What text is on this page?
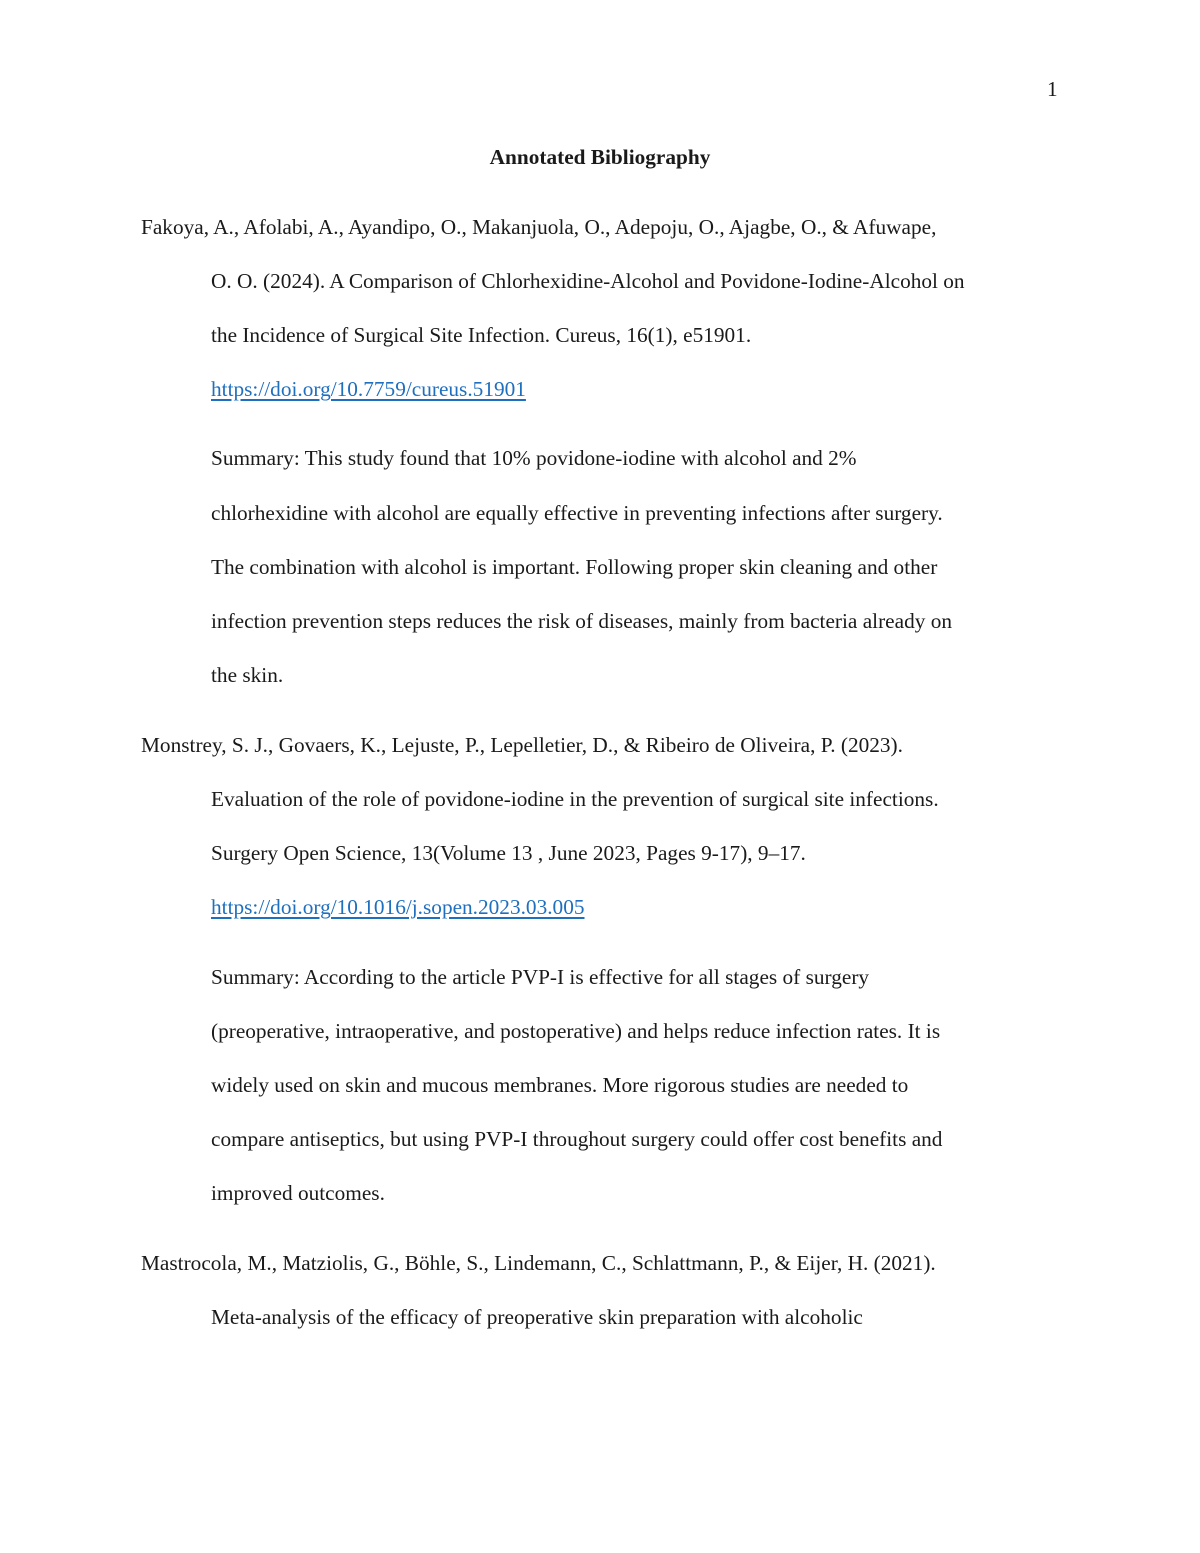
1
Annotated Bibliography
Fakoya, A., Afolabi, A., Ayandipo, O., Makanjuola, O., Adepoju, O., Ajagbe, O., & Afuwape,
O. O. (2024). A Comparison of Chlorhexidine-Alcohol and Povidone-Iodine-Alcohol on
the Incidence of Surgical Site Infection. Cureus, 16(1), e51901.
https://doi.org/10.7759/cureus.51901
Summary: This study found that 10% povidone-iodine with alcohol and 2%
chlorhexidine with alcohol are equally effective in preventing infections after surgery.
The combination with alcohol is important. Following proper skin cleaning and other
infection prevention steps reduces the risk of diseases, mainly from bacteria already on
the skin.
Monstrey, S. J., Govaers, K., Lejuste, P., Lepelletier, D., & Ribeiro de Oliveira, P. (2023).
Evaluation of the role of povidone-iodine in the prevention of surgical site infections.
Surgery Open Science, 13(Volume 13 , June 2023, Pages 9-17), 9–17.
https://doi.org/10.1016/j.sopen.2023.03.005
Summary: According to the article PVP-I is effective for all stages of surgery
(preoperative, intraoperative, and postoperative) and helps reduce infection rates. It is
widely used on skin and mucous membranes. More rigorous studies are needed to
compare antiseptics, but using PVP-I throughout surgery could offer cost benefits and
improved outcomes.
Mastrocola, M., Matziolis, G., Böhle, S., Lindemann, C., Schlattmann, P., & Eijer, H. (2021).
Meta-analysis of the efficacy of preoperative skin preparation with alcoholic
